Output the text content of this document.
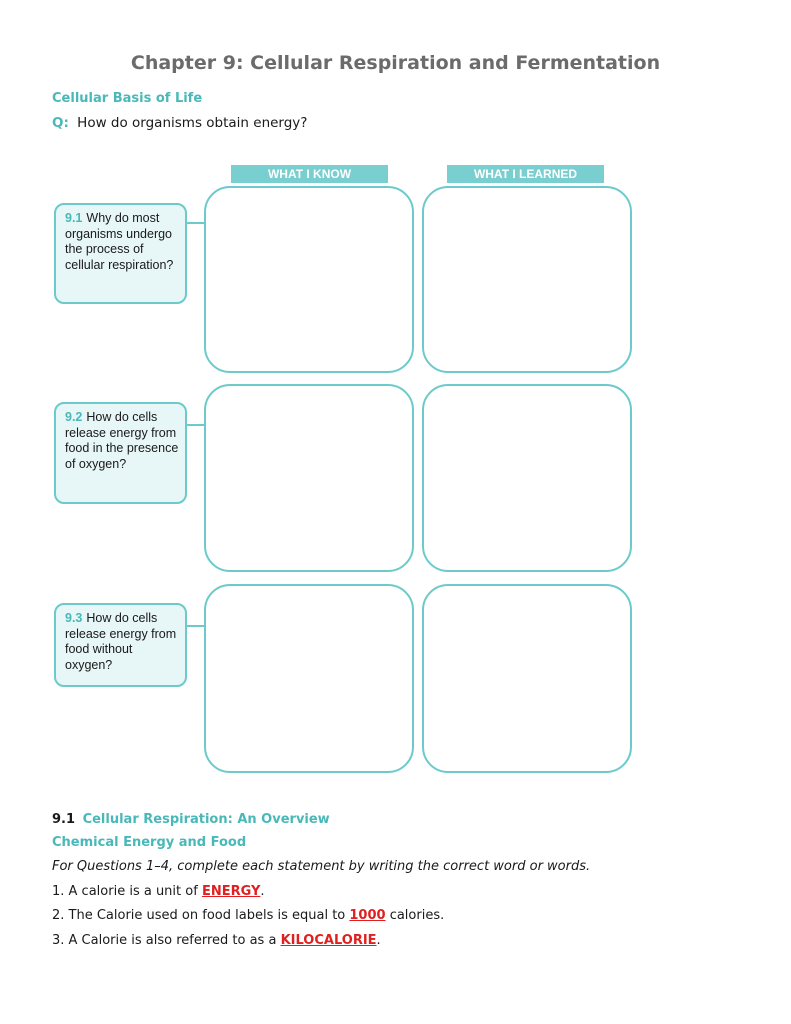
Chapter 9: Cellular Respiration and Fermentation
Cellular Basis of Life
Q: How do organisms obtain energy?
WHAT I KNOW	WHAT I LEARNED
9.1 Why do most organisms undergo the process of cellular respiration?
9.2 How do cells release energy from food in the presence of oxygen?
9.3 How do cells release energy from food without oxygen?
9.1 Cellular Respiration: An Overview
Chemical Energy and Food
For Questions 1–4, complete each statement by writing the correct word or words.
1. A calorie is a unit of ENERGY.
2. The Calorie used on food labels is equal to 1000 calories.
3. A Calorie is also referred to as a KILOCALORIE.
